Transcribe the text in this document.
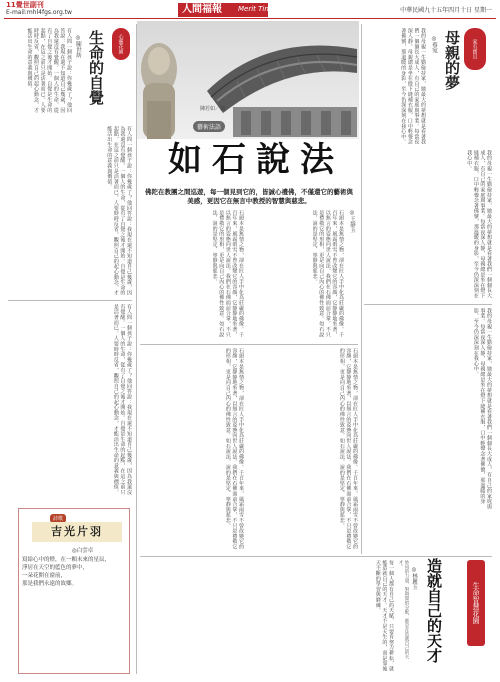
11覺世副刊
E-mail:mhl4fgs.org.tw	人間福報	Merit Times	中華民國九十五年四月十日 星期一
心靈花園
生命的自覺
◎陳世紡
有人問一個孩子說：你幾歲了？他回答說：我現在還不知道自己幾歲，因為我還沒有覺醒。一個人的生命，從有了自覺之後才開始。自覺是生命的起點，在這之前只是活著而已。人要時時反省，觀照自己的起心動念，才能活出生命的意義與價值。
有人問一個孩子說：你幾歲了？他回答說：我現在還不知道自己幾歲，因為我還沒有覺醒。一個人的生命，從有了自覺之後才開始。自覺是生命的起點，在這之前只是活著而已。人要時時反省，觀照自己的起心動念，才能活出生命的意義與價值。
有人問一個孩子說：你幾歲了？他回答說：我現在還不知道自己幾歲，因為我還沒有覺醒。一個人的生命，從有了自覺之後才開始。自覺是生命的起點，在這之前只是活著而已。人要時時反省，觀照自己的起心動念，才能活出生命的意義與價值。
陳若如／圖
藝術法語
如石說法
佛陀在教團之間巡遊，每一個見到它的，皆誠心禮佛，不僅還它的藝術與美感，更因它在無言中教授的智慧與慈悲。
家有寶貝
母親的夢
◎蔡宛
我的母親一生勤儉持家，她最大的夢想就是看著我們一個個長大成人，有自己的家庭與事業。每當夜深人靜，母親總是坐在燈下縫補衣服，口中輕聲念著佛號，那溫暖的身影，至今仍深深刻在我心中。
我的母親一生勤儉持家，她最大的夢想就是看著我們一個個長大成人，有自己的家庭與事業。每當夜深人靜，母親總是坐在燈下縫補衣服，口中輕聲念著佛號，那溫暖的身影，至今仍深深刻在我心中。
我的母親一生勤儉持家，她最大的夢想就是看著我們一個個長大成人，有自己的家庭與事業。每當夜深人靜，母親總是坐在燈下縫補衣服，口中輕聲念著佛號，那溫暖的身影，至今仍深深刻在我心中。
◎王靜玉
石頭本是無情之物，卻在匠人手中化為莊嚴的佛像。千百年來，風霜雨雪不曾改變它的容顏，它靜靜地坐著，以無言的姿態向世人說法。我們在石佛面前合掌，不只是禮敬它的形相，更是向自己內心的佛性致意。如石說法，說的是堅定、寧靜與慈悲。
石頭本是無情之物，卻在匠人手中化為莊嚴的佛像。千百年來，風霜雨雪不曾改變它的容顏，它靜靜地坐著，以無言的姿態向世人說法。我們在石佛面前合掌，不只是禮敬它的形相，更是向自己內心的佛性致意。如石說法，說的是堅定、寧靜與慈悲。
石頭本是無情之物，卻在匠人手中化為莊嚴的佛像。千百年來，風霜雨雪不曾改變它的容顏，它靜靜地坐著，以無言的姿態向世人說法。我們在石佛面前合掌，不只是禮敬它的形相，更是向自己內心的佛性致意。如石說法，說的是堅定、寧靜與慈悲。
石頭本是無情之物，卻在匠人手中化為莊嚴的佛像。千百年來，風霜雨雪不曾改變它的容顏，它靜靜地坐著，以無言的姿態向世人說法。我們在石佛面前合掌，不只是禮敬它的形相，更是向自己內心的佛性致意。如石說法，說的是堅定、寧靜與慈悲。
每一個人都有自己的天賦，只要肯努力耕耘，就能造就自己的天才。天才不是天生的，而是靠後天不斷的學習與磨練。	妙用的力量，對時間的分配，都是在造就自己的天才。
◎林麗玉 造就自己的天才	生命智慧花園
詩歌
吉光片羽
◎白雲卓
寫給心中的燈，在一顆未來的星辰，
淨居在天空的藍色的夢中，
一朵花開在窗前，
那是我們永遠的故鄉。
